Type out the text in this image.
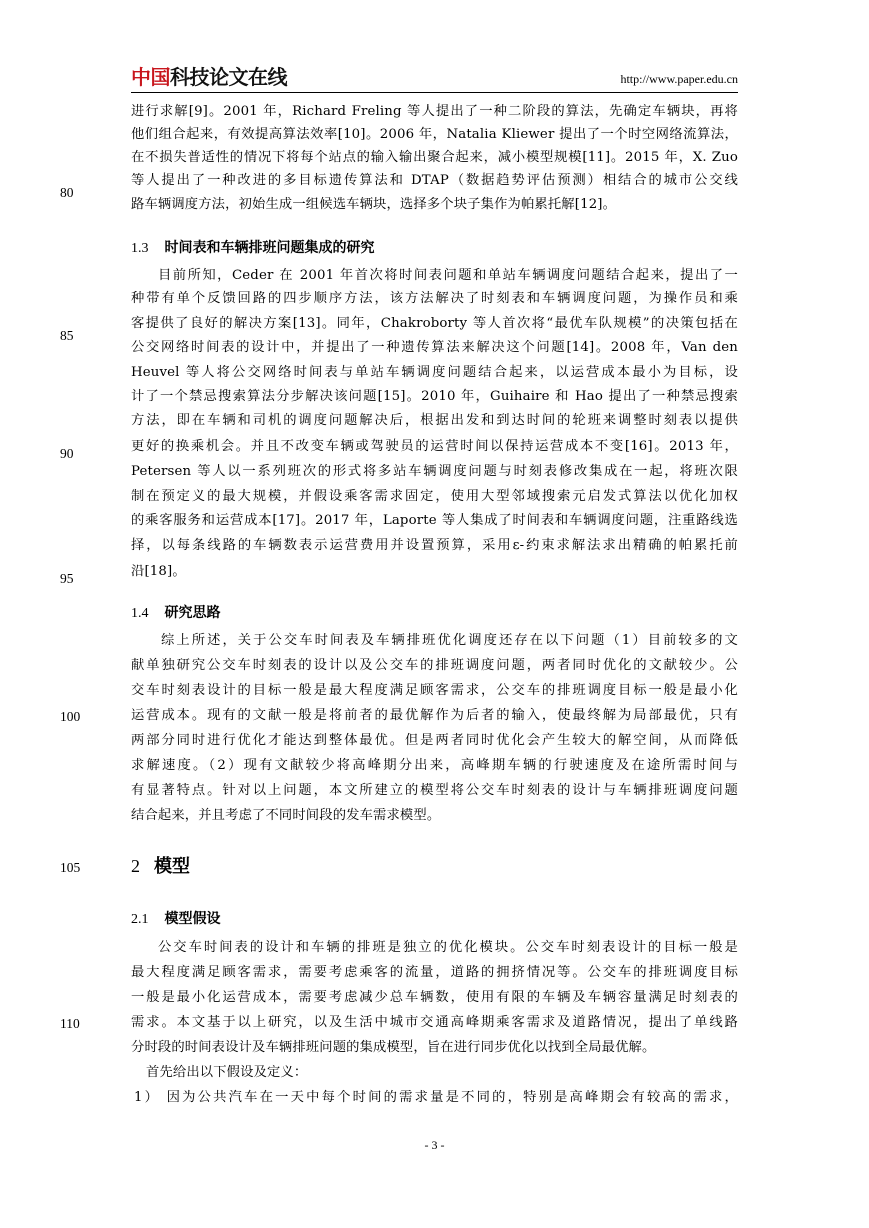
中国科技论文在线	http://www.paper.edu.cn
进行求解[9]。2001 年，Richard Freling 等人提出了一种二阶段的算法，先确定车辆块，再将
他们组合起来，有效提高算法效率[10]。2006 年，Natalia Kliewer 提出了一个时空网络流算法，
在不损失普适性的情况下将每个站点的输入输出聚合起来，减小模型规模[11]。2015 年，X. Zuo
等人提出了一种改进的多目标遗传算法和 DTAP（数据趋势评估预测）相结合的城市公交线
路车辆调度方法，初始生成一组候选车辆块，选择多个块子集作为帕累托解[12]。
1.3 时间表和车辆排班问题集成的研究
目前所知，Ceder 在 2001 年首次将时间表问题和单站车辆调度问题结合起来，提出了一
种带有单个反馈回路的四步顺序方法，该方法解决了时刻表和车辆调度问题，为操作员和乘
客提供了良好的解决方案[13]。同年，Chakroborty 等人首次将“最优车队规模”的决策包括在
公交网络时间表的设计中，并提出了一种遗传算法来解决这个问题[14]。2008 年，Van den
Heuvel 等人将公交网络时间表与单站车辆调度问题结合起来，以运营成本最小为目标，设
计了一个禁忌搜索算法分步解决该问题[15]。2010 年，Guihaire 和 Hao 提出了一种禁忌搜索
方法，即在车辆和司机的调度问题解决后，根据出发和到达时间的轮班来调整时刻表以提供
更好的换乘机会。并且不改变车辆或驾驶员的运营时间以保持运营成本不变[16]。2013 年，
Petersen 等人以一系列班次的形式将多站车辆调度问题与时刻表修改集成在一起，将班次限
制在预定义的最大规模，并假设乘客需求固定，使用大型邻域搜索元启发式算法以优化加权
的乘客服务和运营成本[17]。2017 年，Laporte 等人集成了时间表和车辆调度问题，注重路线选
择，以每条线路的车辆数表示运营费用并设置预算，采用ε-约束求解法求出精确的帕累托前
沿[18]。
1.4 研究思路
综上所述，关于公交车时间表及车辆排班优化调度还存在以下问题（1）目前较多的文
献单独研究公交车时刻表的设计以及公交车的排班调度问题，两者同时优化的文献较少。公
交车时刻表设计的目标一般是最大程度满足顾客需求，公交车的排班调度目标一般是最小化
运营成本。现有的文献一般是将前者的最优解作为后者的输入，使最终解为局部最优，只有
两部分同时进行优化才能达到整体最优。但是两者同时优化会产生较大的解空间，从而降低
求解速度。（2）现有文献较少将高峰期分出来，高峰期车辆的行驶速度及在途所需时间与
有显著特点。针对以上问题，本文所建立的模型将公交车时刻表的设计与车辆排班调度问题
结合起来，并且考虑了不同时间段的发车需求模型。
2 模型
2.1 模型假设
公交车时间表的设计和车辆的排班是独立的优化模块。公交车时刻表设计的目标一般是
最大程度满足顾客需求，需要考虑乘客的流量，道路的拥挤情况等。公交车的排班调度目标
一般是最小化运营成本，需要考虑减少总车辆数，使用有限的车辆及车辆容量满足时刻表的
需求。本文基于以上研究，以及生活中城市交通高峰期乘客需求及道路情况，提出了单线路
分时段的时间表设计及车辆排班问题的集成模型，旨在进行同步优化以找到全局最优解。
首先给出以下假设及定义：
1） 因为公共汽车在一天中每个时间的需求量是不同的，特别是高峰期会有较高的需求，
80
85
90
95
100
105
110
- 3 -
